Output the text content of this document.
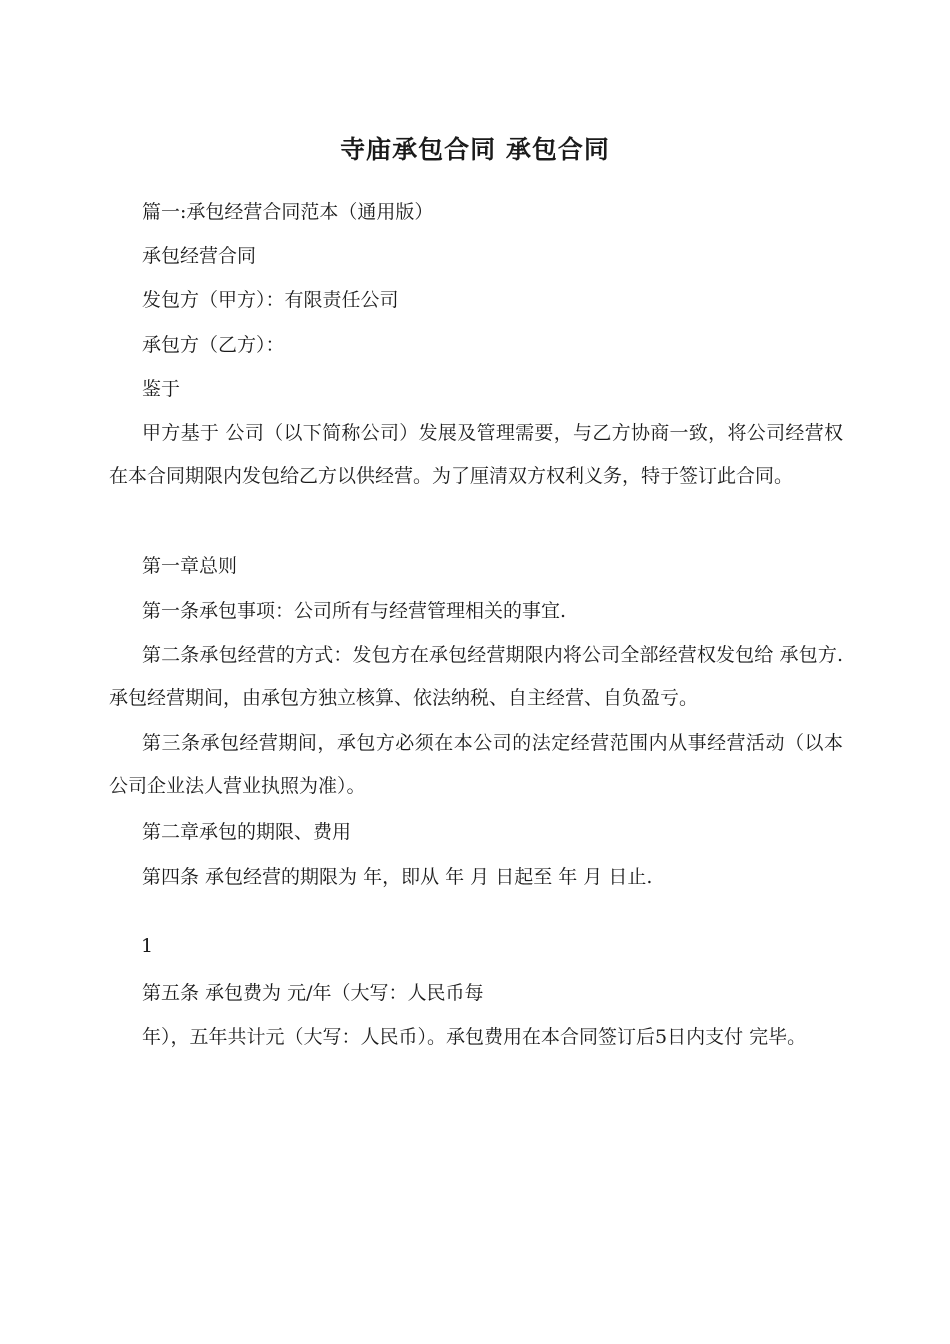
寺庙承包合同 承包合同
篇一:承包经营合同范本（通用版）
承包经营合同
发包方（甲方）：有限责任公司
承包方（乙方）：
鉴于
甲方基于 公司（以下简称公司）发展及管理需要，与乙方协商一致，将公司经营权在本合同期限内发包给乙方以供经营。为了厘清双方权利义务，特于签订此合同。
第一章总则
第一条承包事项：公司所有与经营管理相关的事宜.
第二条承包经营的方式：发包方在承包经营期限内将公司全部经营权发包给 承包方.承包经营期间，由承包方独立核算、依法纳税、自主经营、自负盈亏。
第三条承包经营期间，承包方必须在本公司的法定经营范围内从事经营活动（以本公司企业法人营业执照为准）。
第二章承包的期限、费用
第四条 承包经营的期限为 年，即从 年 月 日起至 年 月 日止.
1
第五条 承包费为 元/年（大写：人民币每
年），五年共计元（大写：人民币）。承包费用在本合同签订后5日内支付 完毕。
